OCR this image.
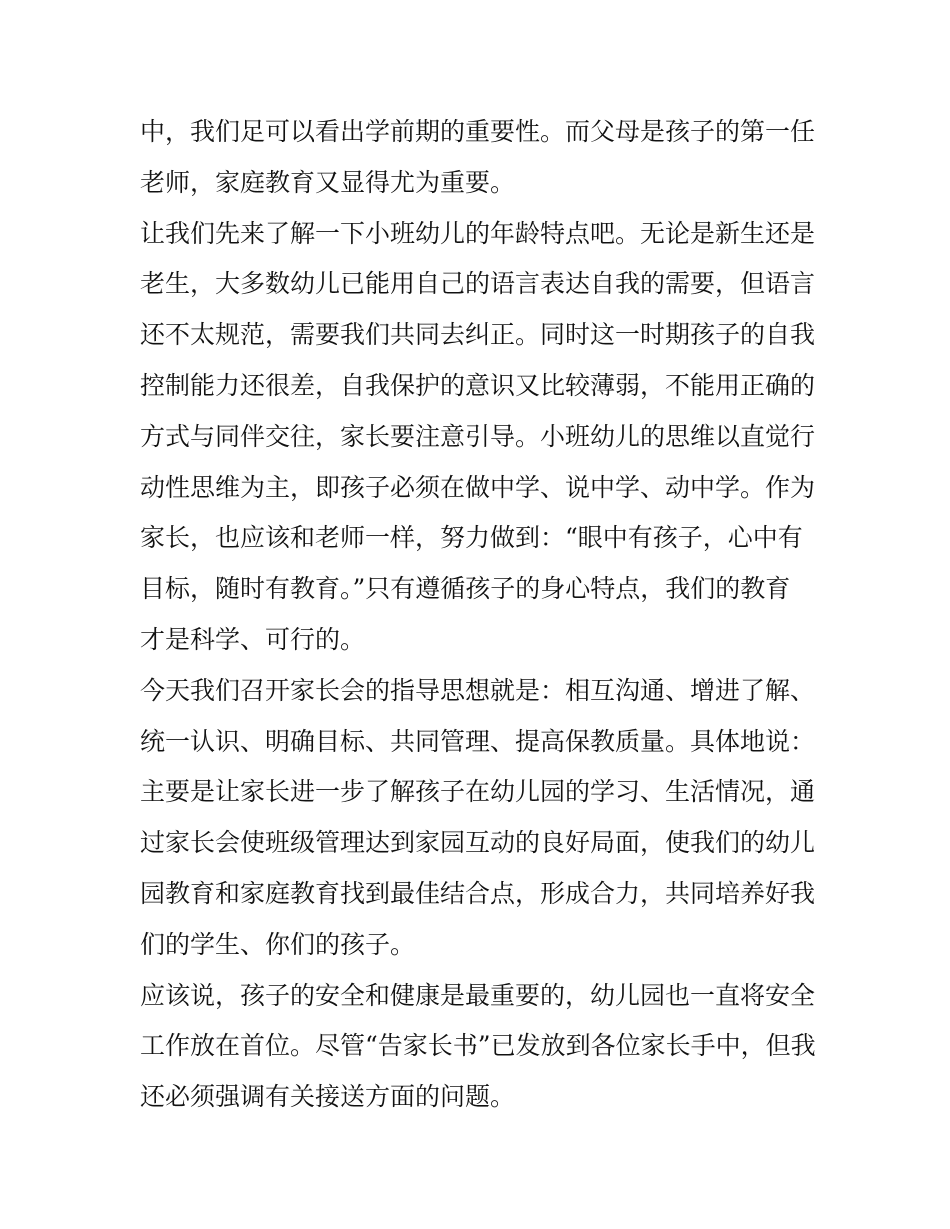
中，我们足可以看出学前期的重要性。而父母是孩子的第一任
老师，家庭教育又显得尤为重要。
让我们先来了解一下小班幼儿的年龄特点吧。无论是新生还是
老生，大多数幼儿已能用自己的语言表达自我的需要，但语言
还不太规范，需要我们共同去纠正。同时这一时期孩子的自我
控制能力还很差，自我保护的意识又比较薄弱，不能用正确的
方式与同伴交往，家长要注意引导。小班幼儿的思维以直觉行
动性思维为主，即孩子必须在做中学、说中学、动中学。作为
家长，也应该和老师一样，努力做到：“眼中有孩子，心中有
目标，随时有教育。”只有遵循孩子的身心特点，我们的教育
才是科学、可行的。
今天我们召开家长会的指导思想就是：相互沟通、增进了解、
统一认识、明确目标、共同管理、提高保教质量。具体地说：
主要是让家长进一步了解孩子在幼儿园的学习、生活情况，通
过家长会使班级管理达到家园互动的良好局面，使我们的幼儿
园教育和家庭教育找到最佳结合点，形成合力，共同培养好我
们的学生、你们的孩子。
应该说，孩子的安全和健康是最重要的，幼儿园也一直将安全
工作放在首位。尽管“告家长书”已发放到各位家长手中，但我
还必须强调有关接送方面的问题。
